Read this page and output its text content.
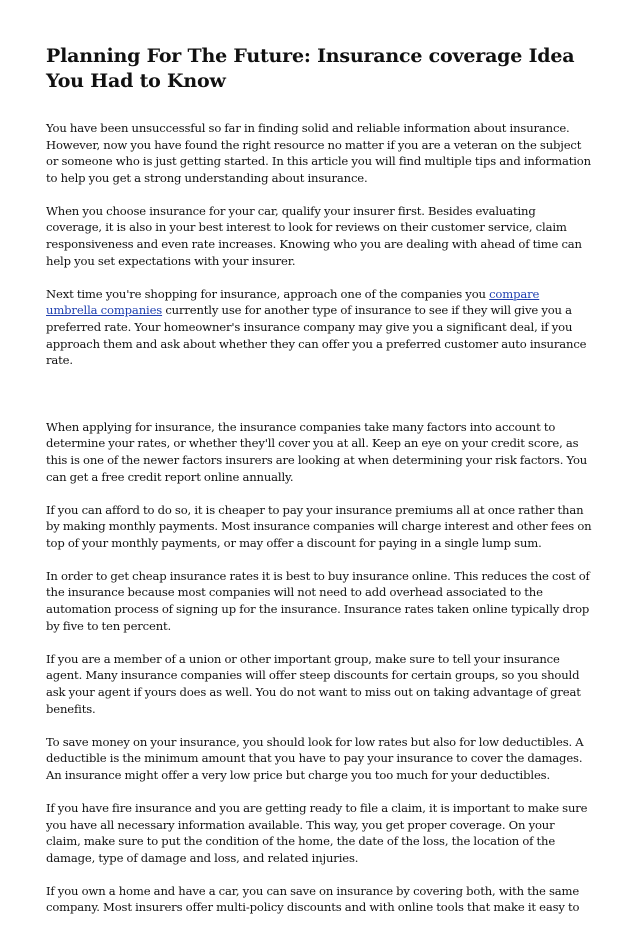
Planning For The Future: Insurance coverage Idea You Had to Know

You have been unsuccessful so far in finding solid and reliable information about insurance. However, now you have found the right resource no matter if you are a veteran on the subject or someone who is just getting started. In this article you will find multiple tips and information to help you get a strong understanding about insurance.

When you choose insurance for your car, qualify your insurer first. Besides evaluating coverage, it is also in your best interest to look for reviews on their customer service, claim responsiveness and even rate increases. Knowing who you are dealing with ahead of time can help you set expectations with your insurer.

Next time you're shopping for insurance, approach one of the companies you compare umbrella companies currently use for another type of insurance to see if they will give you a preferred rate. Your homeowner's insurance company may give you a significant deal, if you approach them and ask about whether they can offer you a preferred customer auto insurance rate.

When applying for insurance, the insurance companies take many factors into account to determine your rates, or whether they'll cover you at all. Keep an eye on your credit score, as this is one of the newer factors insurers are looking at when determining your risk factors. You can get a free credit report online annually.

If you can afford to do so, it is cheaper to pay your insurance premiums all at once rather than by making monthly payments. Most insurance companies will charge interest and other fees on top of your monthly payments, or may offer a discount for paying in a single lump sum.

In order to get cheap insurance rates it is best to buy insurance online. This reduces the cost of the insurance because most companies will not need to add overhead associated to the automation process of signing up for the insurance. Insurance rates taken online typically drop by five to ten percent.

If you are a member of a union or other important group, make sure to tell your insurance agent. Many insurance companies will offer steep discounts for certain groups, so you should ask your agent if yours does as well. You do not want to miss out on taking advantage of great benefits.

To save money on your insurance, you should look for low rates but also for low deductibles. A deductible is the minimum amount that you have to pay your insurance to cover the damages. An insurance might offer a very low price but charge you too much for your deductibles.

If you have fire insurance and you are getting ready to file a claim, it is important to make sure you have all necessary information available. This way, you get proper coverage. On your claim, make sure to put the condition of the home, the date of the loss, the location of the damage, type of damage and loss, and related injuries.

If you own a home and have a car, you can save on insurance by covering both, with the same company. Most insurers offer multi-policy discounts and with online tools that make it easy to
